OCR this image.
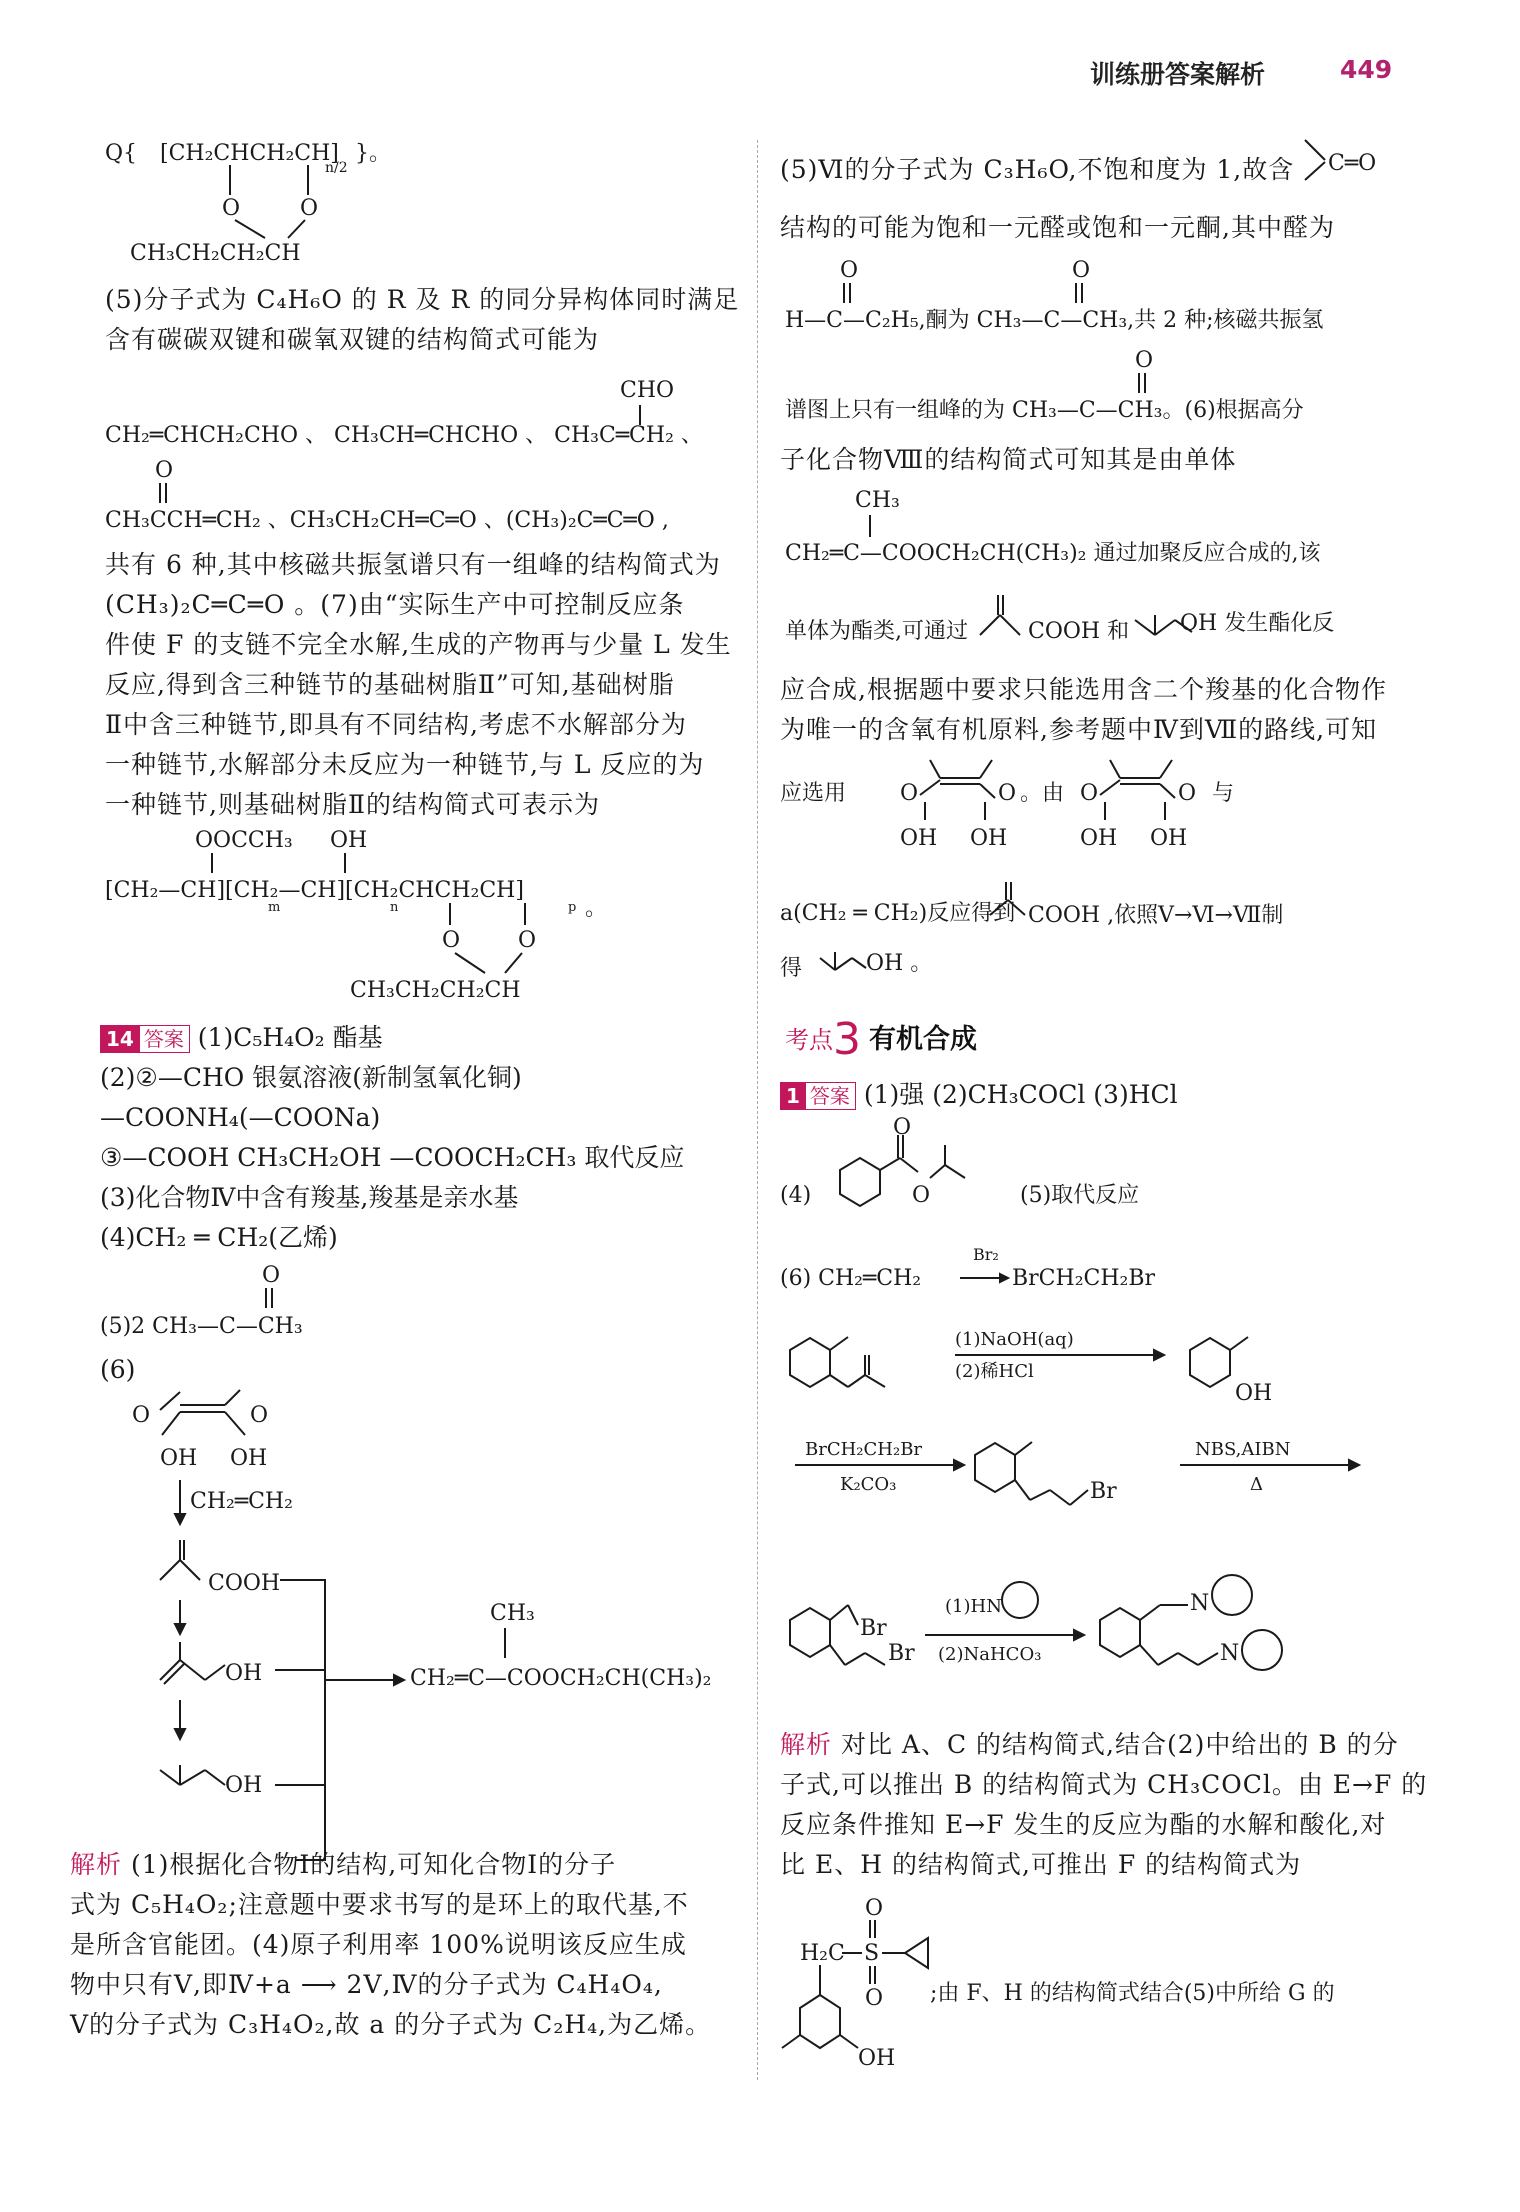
训练册答案解析	449
Q{ [CH₂CHCH₂CH]
n/2
}。
O	O
CH₃CH₂CH₂CH
(5)分子式为 C₄H₆O 的 R 及 R 的同分异构体同时满足
含有碳碳双键和碳氧双键的结构简式可能为
CHO
CH₂═CHCH₂CHO 、 CH₃CH═CHCHO 、 CH₃C═CH₂ 、
O
CH₃CCH═CH₂ 、CH₃CH₂CH═C═O 、(CH₃)₂C═C═O ,
共有 6 种,其中核磁共振氢谱只有一组峰的结构简式为
(CH₃)₂C═C═O 。(7)由“实际生产中可控制反应条
件使 F 的支链不完全水解,生成的产物再与少量 L 发生
反应,得到含三种链节的基础树脂Ⅱ”可知,基础树脂
Ⅱ中含三种链节,即具有不同结构,考虑不水解部分为
一种链节,水解部分未反应为一种链节,与 L 反应的为
一种链节,则基础树脂Ⅱ的结构简式可表示为
OOCCH₃ OH
[CH₂—CH][CH₂—CH][CH₂CHCH₂CH]
m	n	p 。
O	O
CH₃CH₂CH₂CH
14 答案 (1)C₅H₄O₂ 酯基
(2)②—CHO 银氨溶液(新制氢氧化铜)
—COONH₄(—COONa)
③—COOH CH₃CH₂OH —COOCH₂CH₃ 取代反应
(3)化合物Ⅳ中含有羧基,羧基是亲水基
(4)CH₂ ═ CH₂(乙烯)
O
(5)2 CH₃—C—CH₃
(6)
O	O
OH OH
CH₂═CH₂
COOH
OH
OH
CH₃
CH₂═C—COOCH₂CH(CH₃)₂
解析 (1)根据化合物Ⅰ的结构,可知化合物Ⅰ的分子
式为 C₅H₄O₂;注意题中要求书写的是环上的取代基,不
是所含官能团。(4)原子利用率 100%说明该反应生成
物中只有Ⅴ,即Ⅳ+a ⟶ 2Ⅴ,Ⅳ的分子式为 C₄H₄O₄,
Ⅴ的分子式为 C₃H₄O₂,故 a 的分子式为 C₂H₄,为乙烯。
C═O
(5)Ⅵ的分子式为 C₃H₆O,不饱和度为 1,故含
结构的可能为饱和一元醛或饱和一元酮,其中醛为
O	O
H—C—C₂H₅,酮为 CH₃—C—CH₃,共 2 种;核磁共振氢
O
谱图上只有一组峰的为 CH₃—C—CH₃。(6)根据高分
子化合物Ⅷ的结构简式可知其是由单体
CH₃
CH₂═C—COOCH₂CH(CH₃)₂ 通过加聚反应合成的,该
单体为酯类,可通过	COOH 和 OH 发生酯化反
应合成,根据题中要求只能选用含二个羧基的化合物作
为唯一的含氧有机原料,参考题中Ⅳ到Ⅶ的路线,可知
应选用 O	O
OH OH
。由 O	O
OH OH
与
a(CH₂ ═ CH₂)反应得到 COOH ,依照Ⅴ→Ⅵ→Ⅶ制
得	OH 。
考点3 有机合成
1 答案 (1)强 (2)CH₃COCl (3)HCl
(4)
O
O	(5)取代反应
(6) CH₂═CH₂
Br₂
BrCH₂CH₂Br
(1)NaOH(aq)
(2)稀HCl
OH
BrCH₂CH₂Br
K₂CO₃	Br
NBS,AIBN
Δ
Br
Br
(1)HN
(2)NaHCO₃
N
N
解析 对比 A、C 的结构简式,结合(2)中给出的 B 的分
子式,可以推出 B 的结构简式为 CH₃COCl。由 E→F 的
反应条件推知 E→F 发生的反应为酯的水解和酸化,对
比 E、H 的结构简式,可推出 F 的结构简式为
O
H₂C S
O
OH
;由 F、H 的结构简式结合(5)中所给 G 的
